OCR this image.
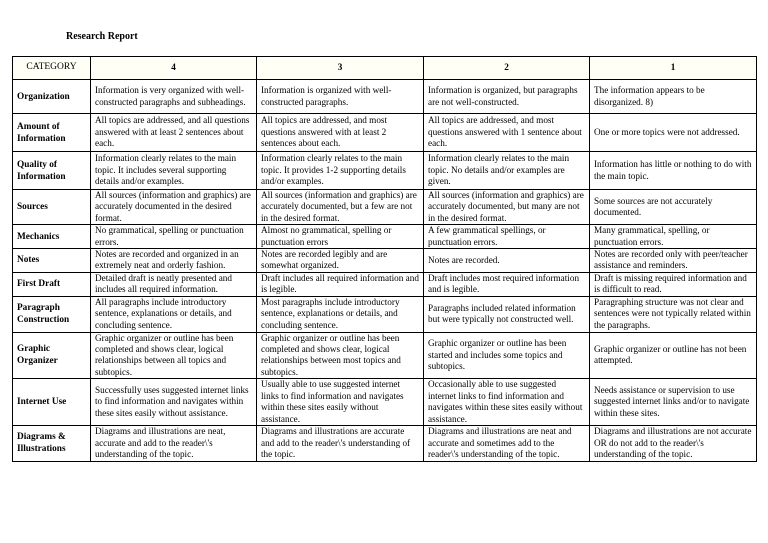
Research Report
CATEGORY	4	3	2	1
Organization	Information is very organized with well-constructed paragraphs and subheadings.	Information is organized with well-constructed paragraphs.	Information is organized, but paragraphs are not well-constructed.	The information appears to be disorganized. 8)
Amount of Information	All topics are addressed, and all questions answered with at least 2 sentences about each.	All topics are addressed, and most questions answered with at least 2 sentences about each.	All topics are addressed, and most questions answered with 1 sentence about each.	One or more topics were not addressed.
Quality of Information	Information clearly relates to the main topic. It includes several supporting details and/or examples.	Information clearly relates to the main topic. It provides 1-2 supporting details and/or examples.	Information clearly relates to the main topic. No details and/or examples are given.	Information has little or nothing to do with the main topic.
Sources	All sources (information and graphics) are accurately documented in the desired format.	All sources (information and graphics) are accurately documented, but a few are not in the desired format.	All sources (information and graphics) are accurately documented, but many are not in the desired format.	Some sources are not accurately documented.
Mechanics	No grammatical, spelling or punctuation errors.	Almost no grammatical, spelling or punctuation errors	A few grammatical spellings, or punctuation errors.	Many grammatical, spelling, or punctuation errors.
Notes	Notes are recorded and organized in an extremely neat and orderly fashion.	Notes are recorded legibly and are somewhat organized.	Notes are recorded.	Notes are recorded only with peer/teacher assistance and reminders.
First Draft	Detailed draft is neatly presented and includes all required information.	Draft includes all required information and is legible.	Draft includes most required information and is legible.	Draft is missing required information and is difficult to read.
Paragraph Construction	All paragraphs include introductory sentence, explanations or details, and concluding sentence.	Most paragraphs include introductory sentence, explanations or details, and concluding sentence.	Paragraphs included related information but were typically not constructed well.	Paragraphing structure was not clear and sentences were not typically related within the paragraphs.
Graphic Organizer	Graphic organizer or outline has been completed and shows clear, logical relationships between all topics and subtopics.	Graphic organizer or outline has been completed and shows clear, logical relationships between most topics and subtopics.	Graphic organizer or outline has been started and includes some topics and subtopics.	Graphic organizer or outline has not been attempted.
Internet Use	Successfully uses suggested internet links to find information and navigates within these sites easily without assistance.	Usually able to use suggested internet links to find information and navigates within these sites easily without assistance.	Occasionally able to use suggested internet links to find information and navigates within these sites easily without assistance.	Needs assistance or supervision to use suggested internet links and/or to navigate within these sites.
Diagrams & Illustrations	Diagrams and illustrations are neat, accurate and add to the reader\'s understanding of the topic.	Diagrams and illustrations are accurate and add to the reader\'s understanding of the topic.	Diagrams and illustrations are neat and accurate and sometimes add to the reader\'s understanding of the topic.	Diagrams and illustrations are not accurate OR do not add to the reader\'s understanding of the topic.
